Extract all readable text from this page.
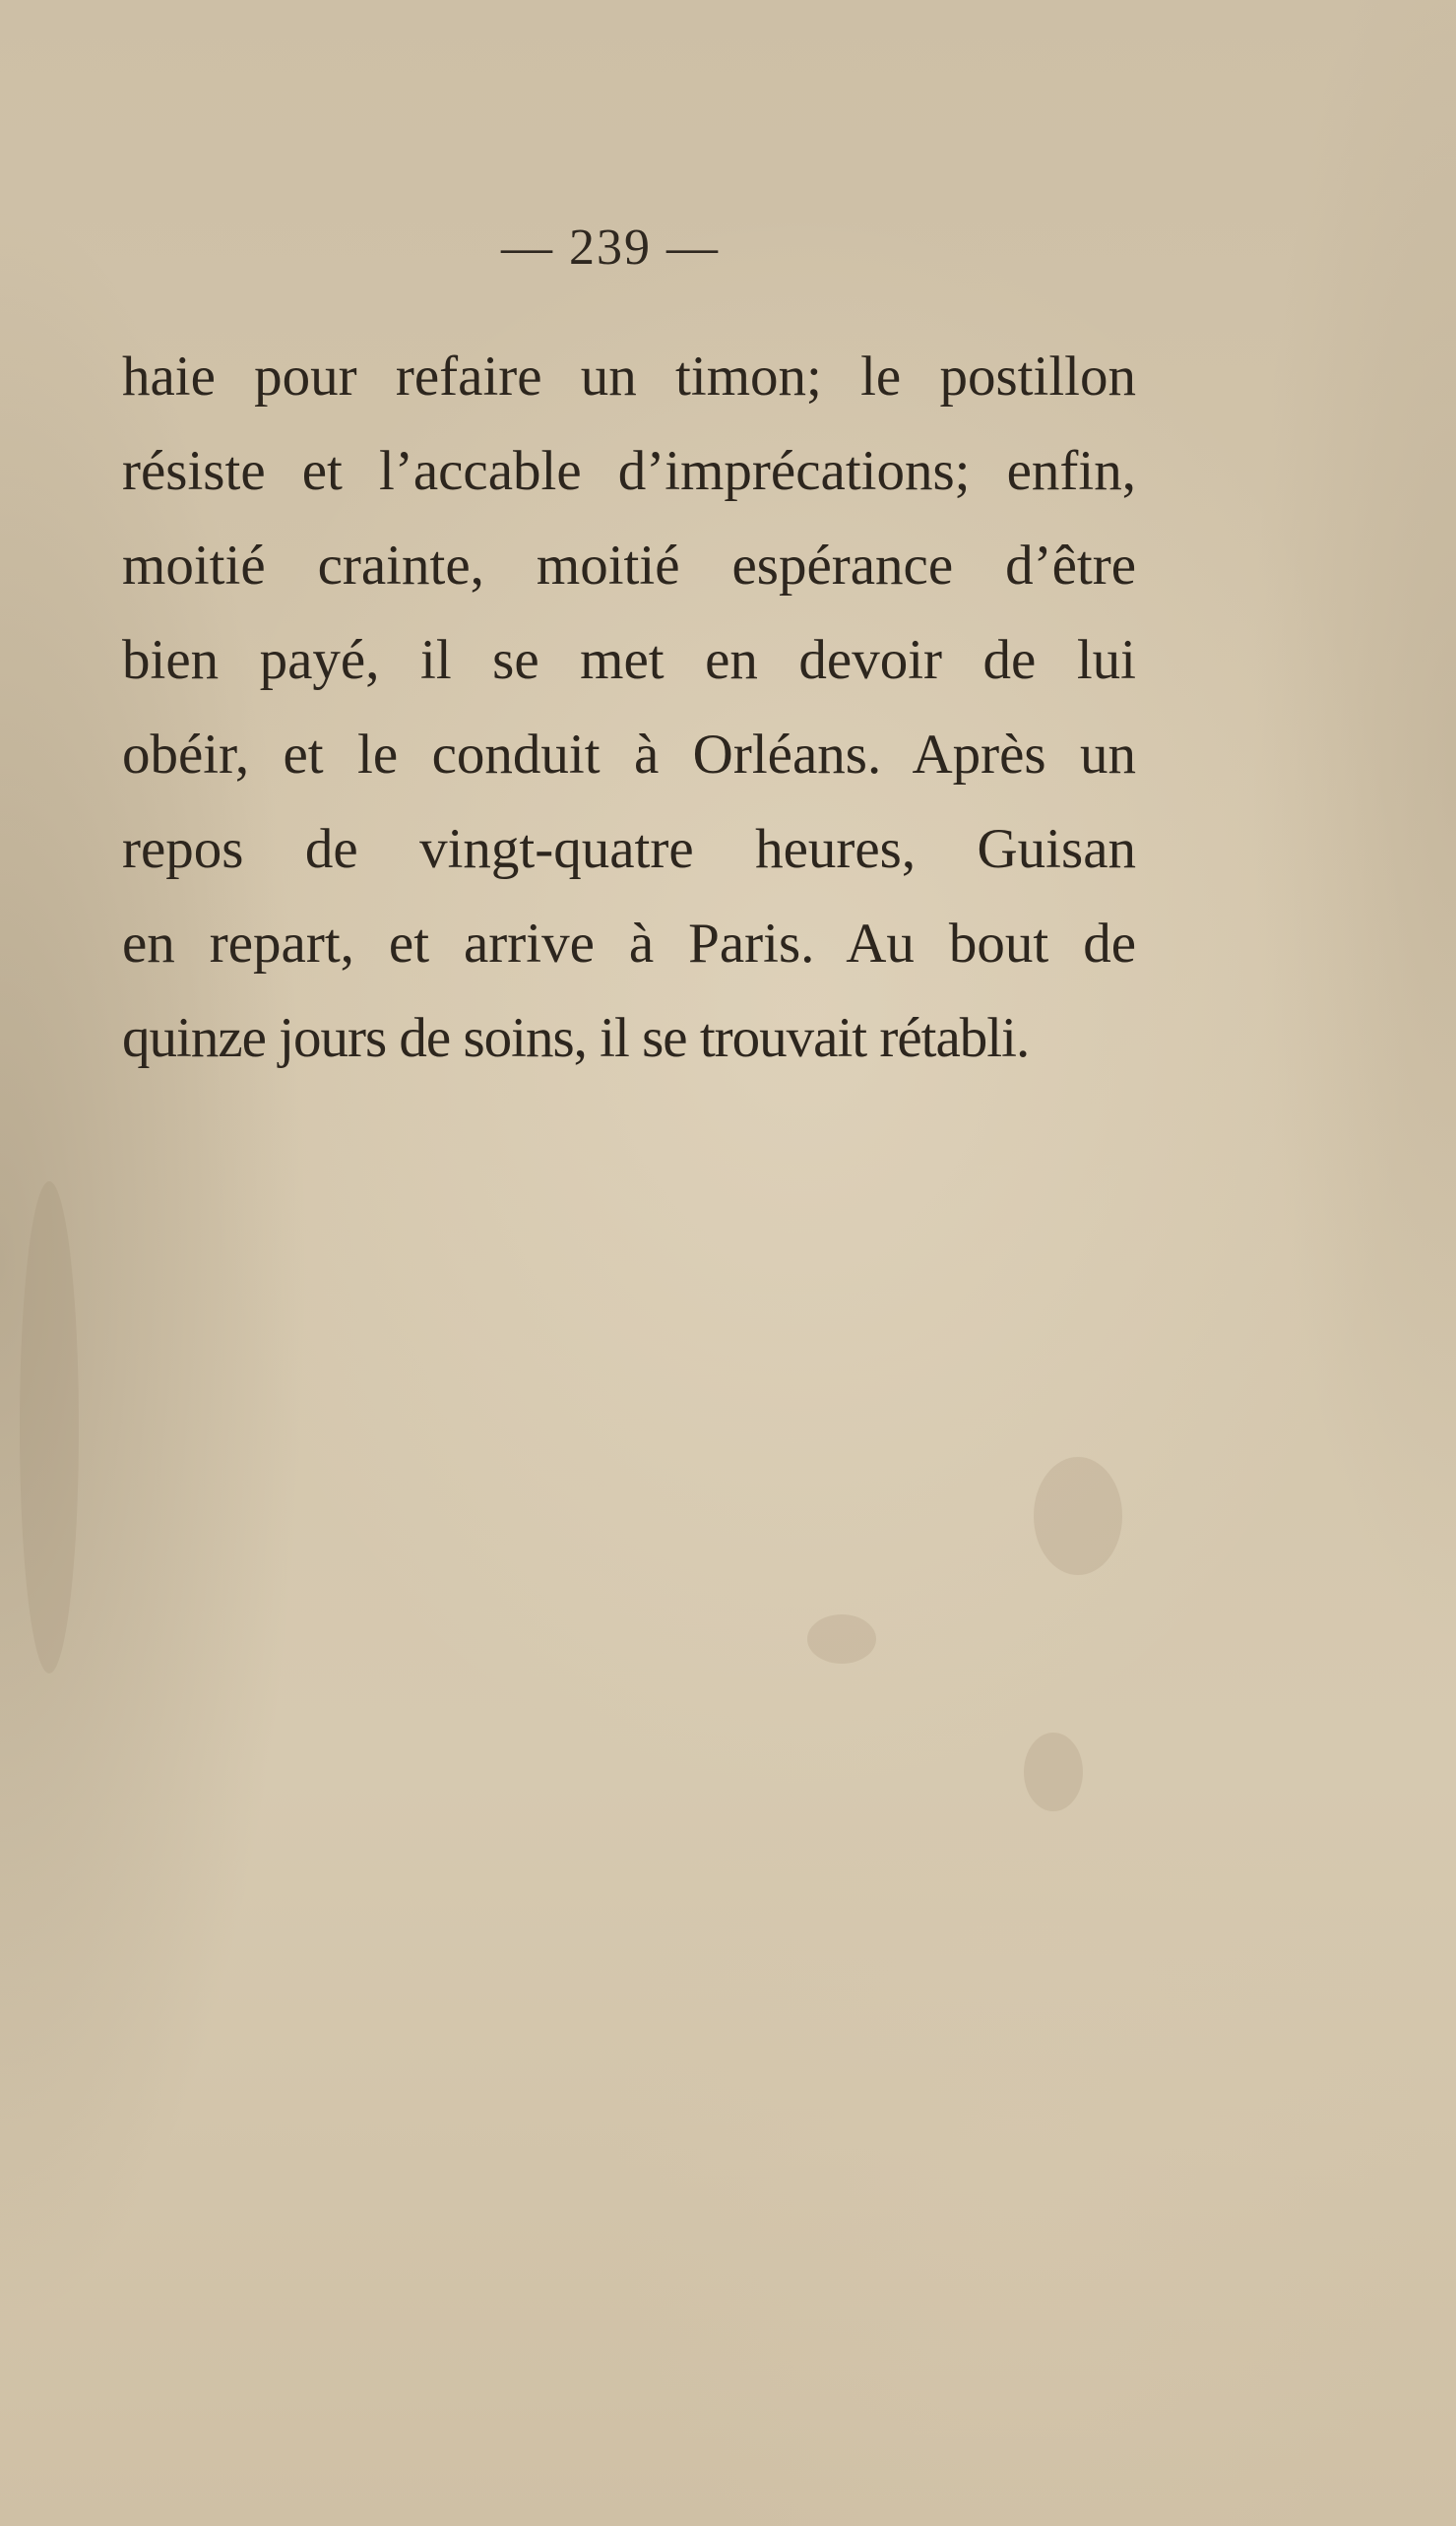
— 239 —
haie pour refaire un timon; le postillon
résiste et l’accable d’imprécations; enfin,
moitié crainte, moitié espérance d’être
bien payé, il se met en devoir de lui
obéir, et le conduit à Orléans. Après un
repos de vingt-quatre heures, Guisan
en repart, et arrive à Paris. Au bout de
quinze jours de soins, il se trouvait rétabli.
